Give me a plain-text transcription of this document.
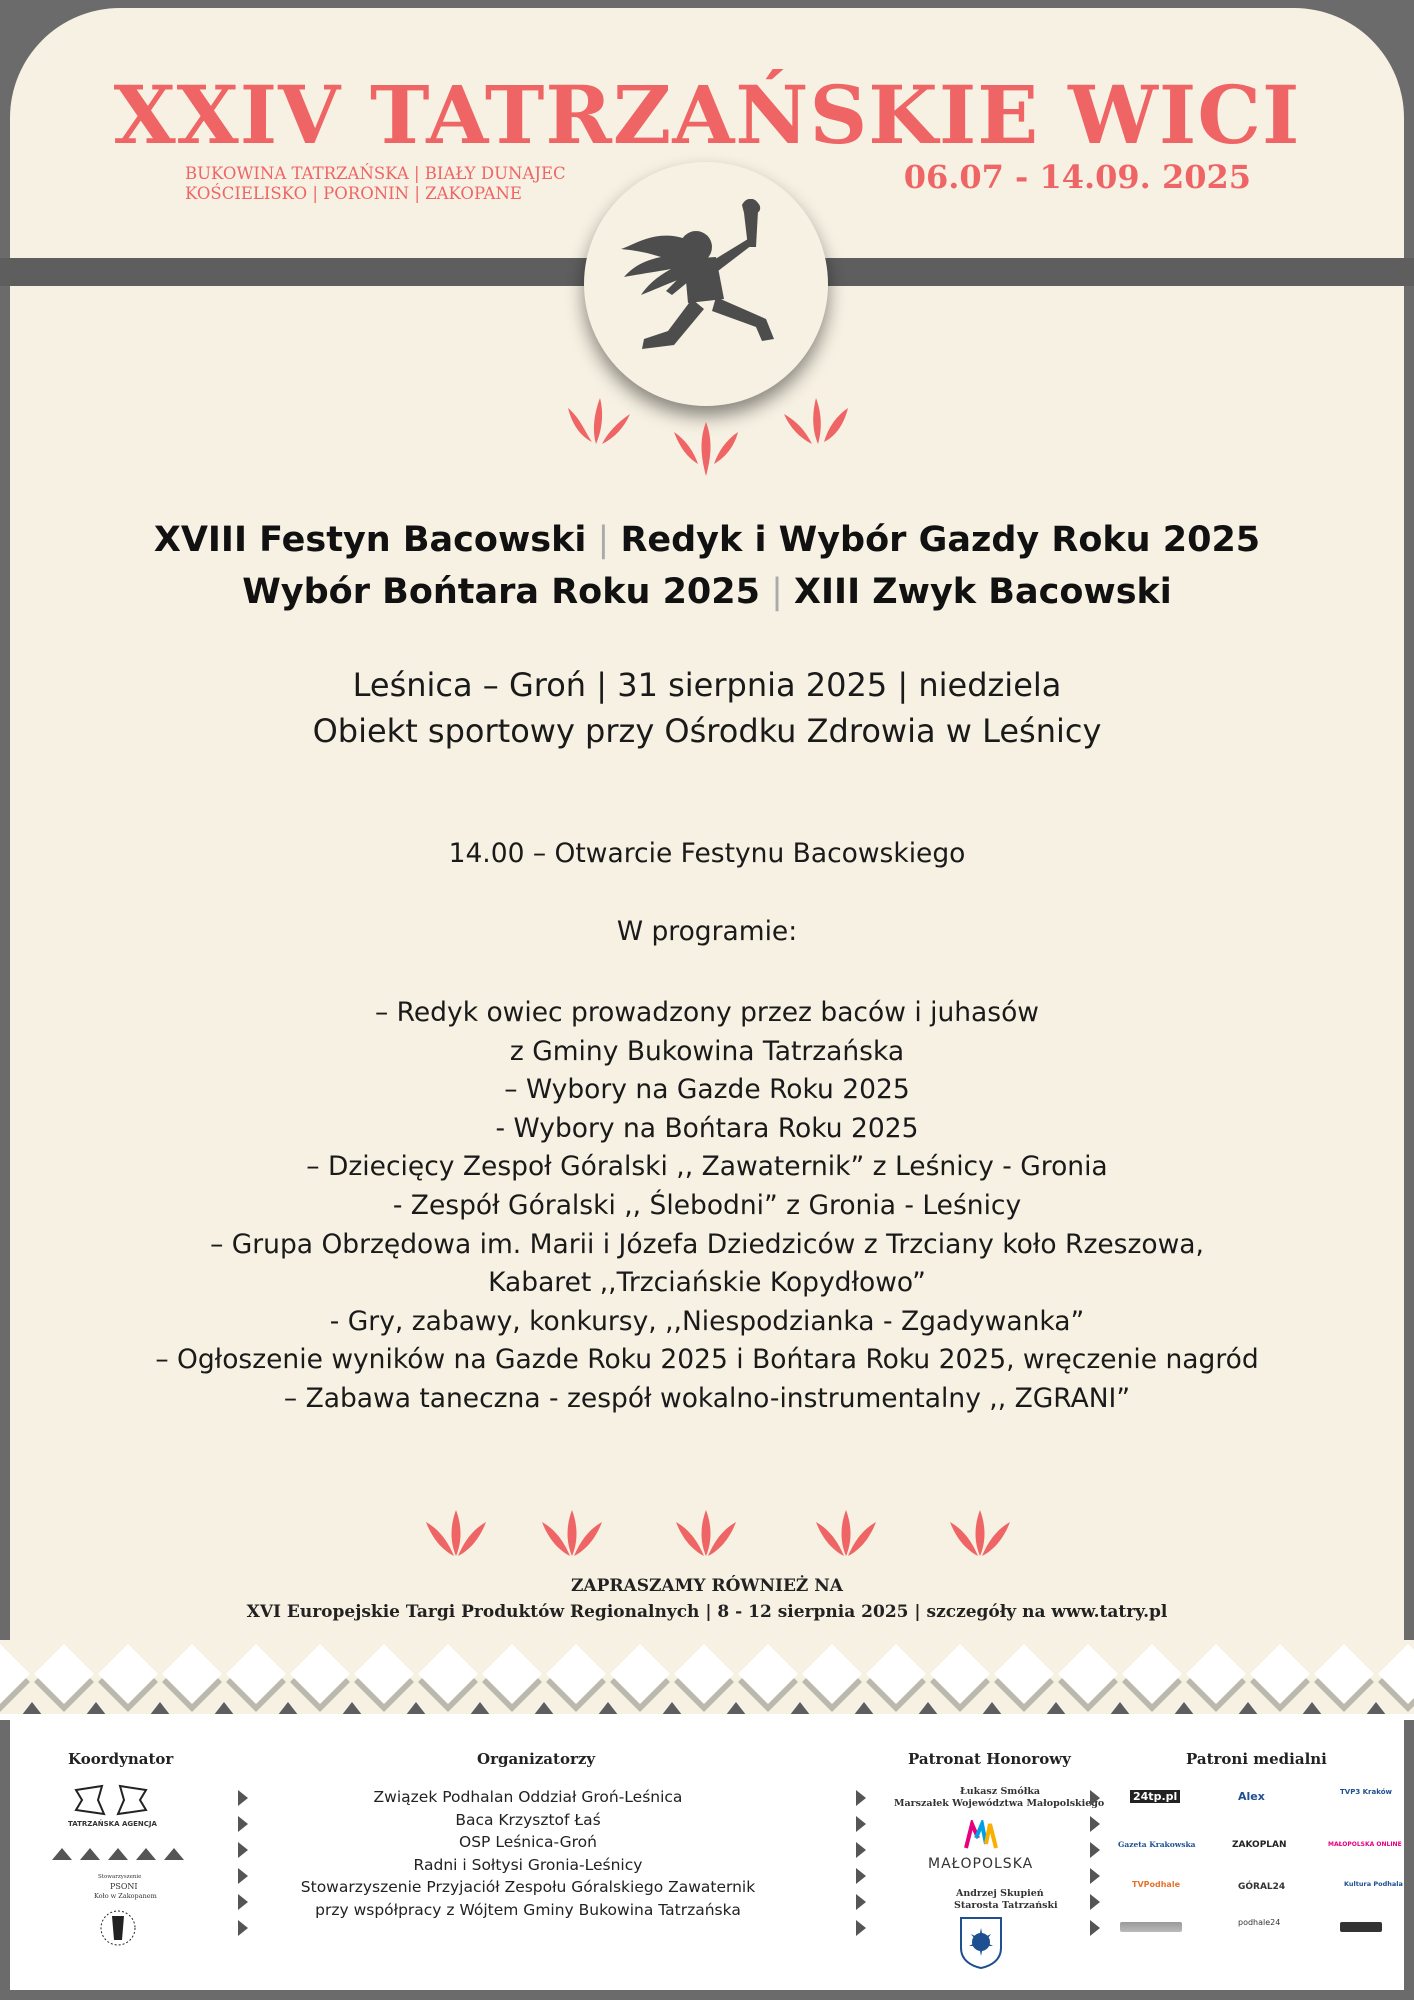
XXIV TATRZAŃSKIE WICI
BUKOWINA TATRZAŃSKA | BIAŁY DUNAJEC
KOŚCIELISKO | PORONIN | ZAKOPANE	06.07 - 14.09. 2025
XVIII Festyn Bacowski | Redyk i Wybór Gazdy Roku 2025
Wybór Bońtara Roku 2025 | XIII Zwyk Bacowski
Leśnica – Groń | 31 sierpnia 2025 | niedziela
Obiekt sportowy przy Ośrodku Zdrowia w Leśnicy
14.00 – Otwarcie Festynu Bacowskiego
W programie:
– Redyk owiec prowadzony przez baców i juhasów
z Gminy Bukowina Tatrzańska
– Wybory na Gazde Roku 2025
- Wybory na Bońtara Roku 2025
– Dziecięcy Zespoł Góralski ,, Zawaternik” z Leśnicy - Gronia
- Zespół Góralski ,, Ślebodni” z Gronia - Leśnicy
– Grupa Obrzędowa im. Marii i Józefa Dziedziców z Trzciany koło Rzeszowa,
Kabaret ,,Trzciańskie Kopydłowo”
- Gry, zabawy, konkursy, ,,Niespodzianka - Zgadywanka”
– Ogłoszenie wyników na Gazde Roku 2025 i Bońtara Roku 2025, wręczenie nagród
– Zabawa taneczna - zespół wokalno-instrumentalny ,, ZGRANI”
ZAPRASZAMY RÓWNIEŻ NA
XVI Europejskie Targi Produktów Regionalnych | 8 - 12 sierpnia 2025 | szczegóły na www.tatry.pl
Koordynator
TATRZAŃSKA AGENCJA
Stowarzyszenie
PSONI
Koło w Zakopanem
Organizatorzy
Związek Podhalan Oddział Groń-Leśnica
Baca Krzysztof Łaś
OSP Leśnica-Groń
Radni i Sołtysi Gronia-Leśnicy
Stowarzyszenie Przyjaciół Zespołu Góralskiego Zawaternik
przy współpracy z Wójtem Gminy Bukowina Tatrzańska
Patronat Honorowy
Łukasz Smółka
Marszałek Województwa Małopolskiego
MAŁOPOLSKA
Andrzej Skupień
Starosta Tatrzański
Patroni medialni
24tp.pl	Alex	TVP3 Kraków
Gazeta Krakowska	ZAKOPLAN	MAŁOPOLSKA ONLINE
TVPodhale	GÓRAL24	Kultura Podhala
podhale24
